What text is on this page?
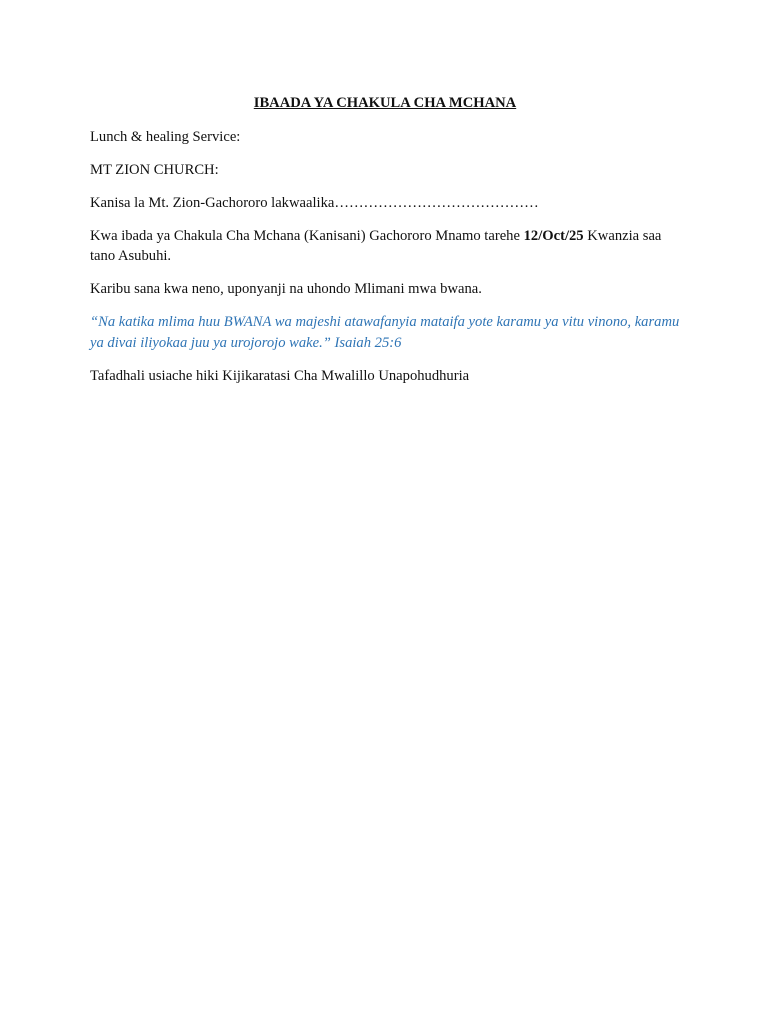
IBAADA YA CHAKULA CHA MCHANA

Lunch & healing Service:

MT ZION CHURCH:

Kanisa la Mt. Zion-Gachororo lakwaalika……………………………………

Kwa ibada ya Chakula Cha Mchana (Kanisani) Gachororo Mnamo tarehe 12/Oct/25 Kwanzia saa tano Asubuhi.

Karibu sana kwa neno, uponyanji na uhondo Mlimani mwa bwana.

“Na katika mlima huu BWANA wa majeshi atawafanyia mataifa yote karamu ya vitu vinono, karamu ya divai iliyokaa juu ya urojorojo wake.” Isaiah 25:6

Tafadhali usiache hiki Kijikaratasi Cha Mwalillo Unapohudhuria
